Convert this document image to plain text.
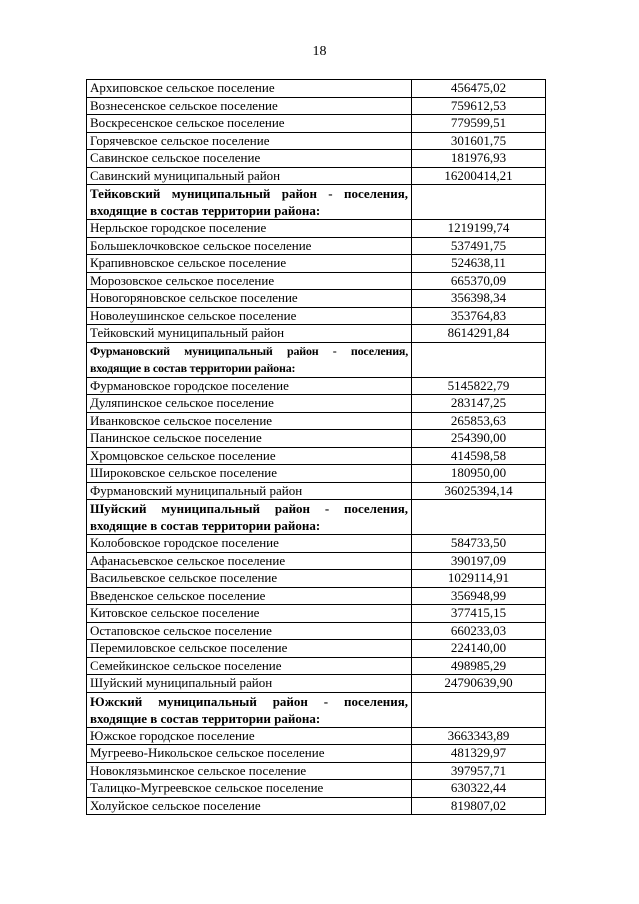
18
Архиповское сельское поселение	456475,02
Вознесенское сельское поселение	759612,53
Воскресенское сельское поселение	779599,51
Горячевское сельское поселение	301601,75
Савинское сельское поселение	181976,93
Савинский муниципальный район	16200414,21
Тейковский муниципальный район - поселения, входящие в состав территории района:	
Нерльское городское поселение	1219199,74
Большеклочковское сельское поселение	537491,75
Крапивновское сельское поселение	524638,11
Морозовское сельское поселение	665370,09
Новогоряновское сельское поселение	356398,34
Новолеушинское сельское поселение	353764,83
Тейковский муниципальный район	8614291,84
Фурмановский муниципальный район - поселения, входящие в состав территории района:	
Фурмановское городское поселение	5145822,79
Дуляпинское сельское поселение	283147,25
Иванковское сельское поселение	265853,63
Панинское сельское поселение	254390,00
Хромцовское сельское поселение	414598,58
Широковское сельское поселение	180950,00
Фурмановский муниципальный район	36025394,14
Шуйский муниципальный район - поселения, входящие в состав территории района:	
Колобовское городское поселение	584733,50
Афанасьевское сельское поселение	390197,09
Васильевское сельское поселение	1029114,91
Введенское сельское поселение	356948,99
Китовское сельское поселение	377415,15
Остаповское сельское поселение	660233,03
Перемиловское сельское поселение	224140,00
Семейкинское сельское поселение	498985,29
Шуйский муниципальный район	24790639,90
Южский муниципальный район - поселения, входящие в состав территории района:	
Южское городское поселение	3663343,89
Мугреево-Никольское сельское поселение	481329,97
Новоклязьминское сельское поселение	397957,71
Талицко-Мугреевское сельское поселение	630322,44
Холуйское сельское поселение	819807,02
